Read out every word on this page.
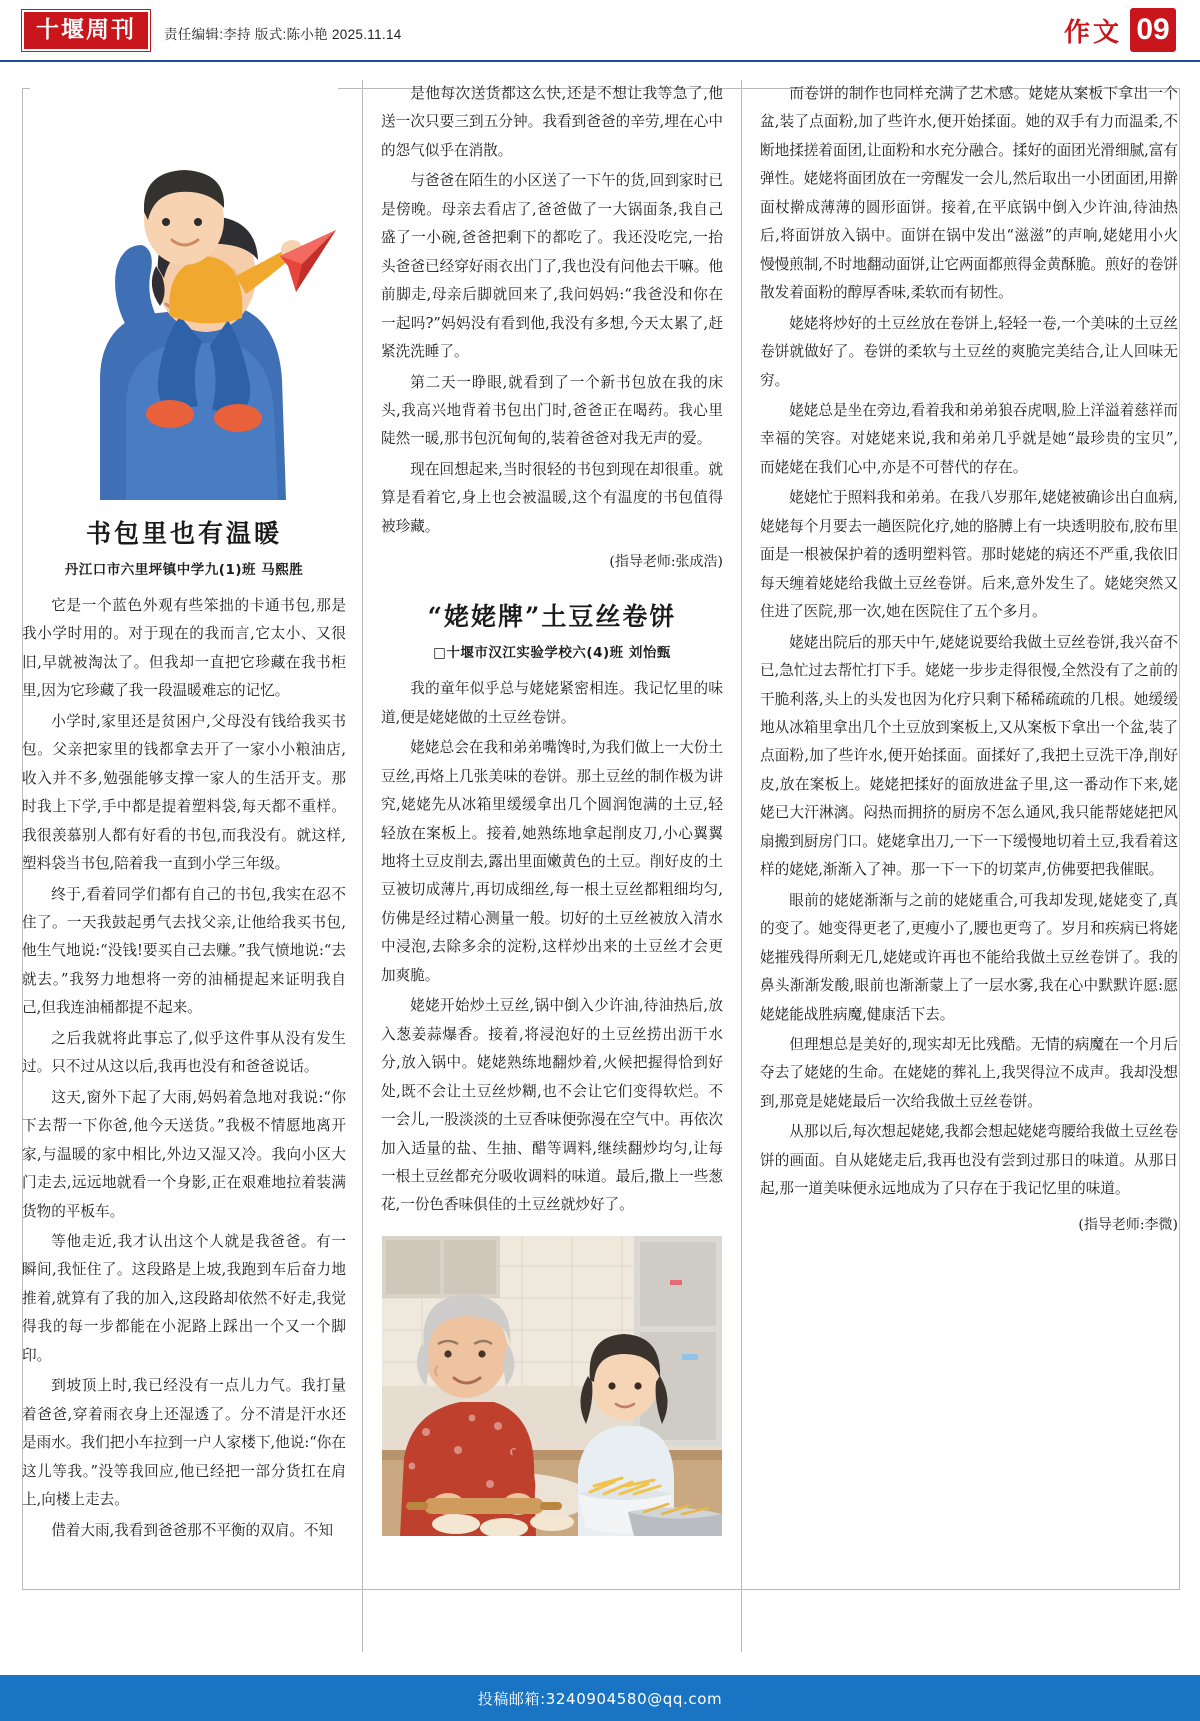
十堰周刊	责任编辑:李持 版式:陈小艳 2025.11.14	作文 09
书包里也有温暖
丹江口市六里坪镇中学九(1)班 马熙胜

它是一个蓝色外观有些笨拙的卡通书包,那是我小学时用的。对于现在的我而言,它太小、又很旧,早就被淘汰了。但我却一直把它珍藏在我书柜里,因为它珍藏了我一段温暖难忘的记忆。

小学时,家里还是贫困户,父母没有钱给我买书包。父亲把家里的钱都拿去开了一家小小粮油店,收入并不多,勉强能够支撑一家人的生活开支。那时我上下学,手中都是提着塑料袋,每天都不重样。我很羡慕别人都有好看的书包,而我没有。就这样,塑料袋当书包,陪着我一直到小学三年级。

终于,看着同学们都有自己的书包,我实在忍不住了。一天我鼓起勇气去找父亲,让他给我买书包,他生气地说:“没钱!要买自己去赚。”我气愤地说:“去就去。”我努力地想将一旁的油桶提起来证明我自己,但我连油桶都提不起来。

之后我就将此事忘了,似乎这件事从没有发生过。只不过从这以后,我再也没有和爸爸说话。

这天,窗外下起了大雨,妈妈着急地对我说:“你下去帮一下你爸,他今天送货。”我极不情愿地离开家,与温暖的家中相比,外边又湿又冷。我向小区大门走去,远远地就看一个身影,正在艰难地拉着装满货物的平板车。

等他走近,我才认出这个人就是我爸爸。有一瞬间,我怔住了。这段路是上坡,我跑到车后奋力地推着,就算有了我的加入,这段路却依然不好走,我觉得我的每一步都能在小泥路上踩出一个又一个脚印。

到坡顶上时,我已经没有一点儿力气。我打量着爸爸,穿着雨衣身上还湿透了。分不清是汗水还是雨水。我们把小车拉到一户人家楼下,他说:“你在这儿等我。”没等我回应,他已经把一部分货扛在肩上,向楼上走去。

借着大雨,我看到爸爸那不平衡的双肩。不知

是他每次送货都这么快,还是不想让我等急了,他送一次只要三到五分钟。我看到爸爸的辛劳,埋在心中的怨气似乎在消散。

与爸爸在陌生的小区送了一下午的货,回到家时已是傍晚。母亲去看店了,爸爸做了一大锅面条,我自己盛了一小碗,爸爸把剩下的都吃了。我还没吃完,一抬头爸爸已经穿好雨衣出门了,我也没有问他去干嘛。他前脚走,母亲后脚就回来了,我问妈妈:“我爸没和你在一起吗?”妈妈没有看到他,我没有多想,今天太累了,赶紧洗洗睡了。

第二天一睁眼,就看到了一个新书包放在我的床头,我高兴地背着书包出门时,爸爸正在喝药。我心里陡然一暖,那书包沉甸甸的,装着爸爸对我无声的爱。

现在回想起来,当时很轻的书包到现在却很重。就算是看着它,身上也会被温暖,这个有温度的书包值得被珍藏。

(指导老师:张成浩)
“姥姥牌”土豆丝卷饼
□十堰市汉江实验学校六(4)班 刘怡甄

我的童年似乎总与姥姥紧密相连。我记忆里的味道,便是姥姥做的土豆丝卷饼。

姥姥总会在我和弟弟嘴馋时,为我们做上一大份土豆丝,再烙上几张美味的卷饼。那土豆丝的制作极为讲究,姥姥先从冰箱里缓缓拿出几个圆润饱满的土豆,轻轻放在案板上。接着,她熟练地拿起削皮刀,小心翼翼地将土豆皮削去,露出里面嫩黄色的土豆。削好皮的土豆被切成薄片,再切成细丝,每一根土豆丝都粗细均匀,仿佛是经过精心测量一般。切好的土豆丝被放入清水中浸泡,去除多余的淀粉,这样炒出来的土豆丝才会更加爽脆。

姥姥开始炒土豆丝,锅中倒入少许油,待油热后,放入葱姜蒜爆香。接着,将浸泡好的土豆丝捞出沥干水分,放入锅中。姥姥熟练地翻炒着,火候把握得恰到好处,既不会让土豆丝炒糊,也不会让它们变得软烂。不一会儿,一股淡淡的土豆香味便弥漫在空气中。再依次加入适量的盐、生抽、醋等调料,继续翻炒均匀,让每一根土豆丝都充分吸收调料的味道。最后,撒上一些葱花,一份色香味俱佳的土豆丝就炒好了。

而卷饼的制作也同样充满了艺术感。姥姥从案板下拿出一个盆,装了点面粉,加了些许水,便开始揉面。她的双手有力而温柔,不断地揉搓着面团,让面粉和水充分融合。揉好的面团光滑细腻,富有弹性。姥姥将面团放在一旁醒发一会儿,然后取出一小团面团,用擀面杖擀成薄薄的圆形面饼。接着,在平底锅中倒入少许油,待油热后,将面饼放入锅中。面饼在锅中发出“滋滋”的声响,姥姥用小火慢慢煎制,不时地翻动面饼,让它两面都煎得金黄酥脆。煎好的卷饼散发着面粉的醇厚香味,柔软而有韧性。

姥姥将炒好的土豆丝放在卷饼上,轻轻一卷,一个美味的土豆丝卷饼就做好了。卷饼的柔软与土豆丝的爽脆完美结合,让人回味无穷。

姥姥总是坐在旁边,看着我和弟弟狼吞虎咽,脸上洋溢着慈祥而幸福的笑容。对姥姥来说,我和弟弟几乎就是她“最珍贵的宝贝”,而姥姥在我们心中,亦是不可替代的存在。

姥姥忙于照料我和弟弟。在我八岁那年,姥姥被确诊出白血病,姥姥每个月要去一趟医院化疗,她的胳膊上有一块透明胶布,胶布里面是一根被保护着的透明塑料管。那时姥姥的病还不严重,我依旧每天缠着姥姥给我做土豆丝卷饼。后来,意外发生了。姥姥突然又住进了医院,那一次,她在医院住了五个多月。

姥姥出院后的那天中午,姥姥说要给我做土豆丝卷饼,我兴奋不已,急忙过去帮忙打下手。姥姥一步步走得很慢,全然没有了之前的干脆利落,头上的头发也因为化疗只剩下稀稀疏疏的几根。她缓缓地从冰箱里拿出几个土豆放到案板上,又从案板下拿出一个盆,装了点面粉,加了些许水,便开始揉面。面揉好了,我把土豆洗干净,削好皮,放在案板上。姥姥把揉好的面放进盆子里,这一番动作下来,姥姥已大汗淋漓。闷热而拥挤的厨房不怎么通风,我只能帮姥姥把风扇搬到厨房门口。姥姥拿出刀,一下一下缓慢地切着土豆,我看着这样的姥姥,渐渐入了神。那一下一下的切菜声,仿佛要把我催眠。

眼前的姥姥渐渐与之前的姥姥重合,可我却发现,姥姥变了,真的变了。她变得更老了,更瘦小了,腰也更弯了。岁月和疾病已将姥姥摧残得所剩无几,姥姥或许再也不能给我做土豆丝卷饼了。我的鼻头渐渐发酸,眼前也渐渐蒙上了一层水雾,我在心中默默许愿:愿姥姥能战胜病魔,健康活下去。

但理想总是美好的,现实却无比残酷。无情的病魔在一个月后夺去了姥姥的生命。在姥姥的葬礼上,我哭得泣不成声。我却没想到,那竟是姥姥最后一次给我做土豆丝卷饼。

从那以后,每次想起姥姥,我都会想起姥姥弯腰给我做土豆丝卷饼的画面。自从姥姥走后,我再也没有尝到过那日的味道。从那日起,那一道美味便永远地成为了只存在于我记忆里的味道。

(指导老师:李微)
投稿邮箱:3240904580@qq.com
